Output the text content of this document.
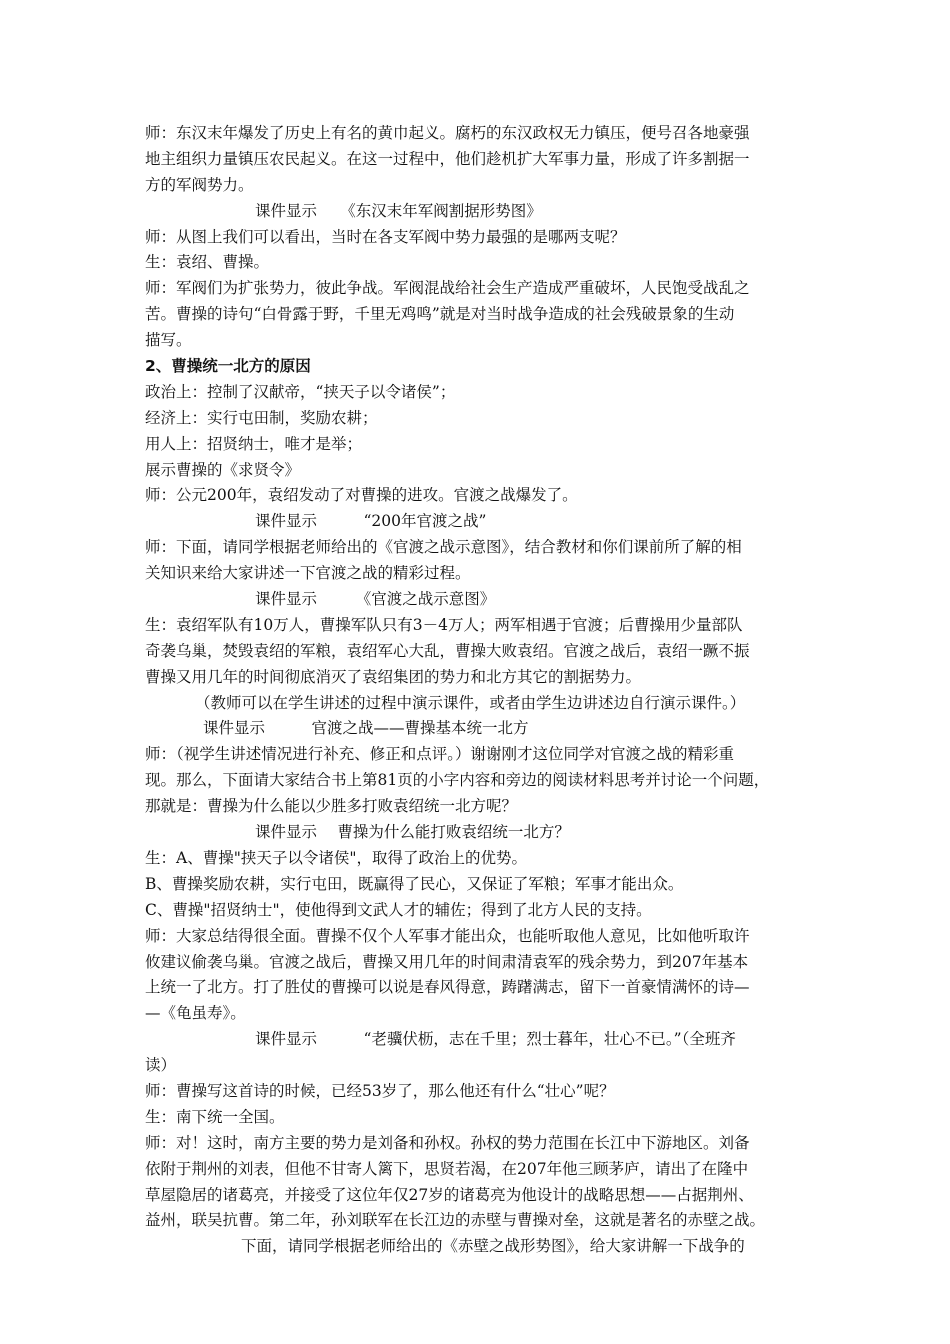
师：东汉末年爆发了历史上有名的黄巾起义。腐朽的东汉政权无力镇压，便号召各地豪强
地主组织力量镇压农民起义。在这一过程中，他们趁机扩大军事力量，形成了许多割据一
方的军阀势力。
课件显示　　《东汉末年军阀割据形势图》
师：从图上我们可以看出，当时在各支军阀中势力最强的是哪两支呢？
生：袁绍、曹操。
师：军阀们为扩张势力，彼此争战。军阀混战给社会生产造成严重破坏，人民饱受战乱之
苦。曹操的诗句“白骨露于野，千里无鸡鸣”就是对当时战争造成的社会残破景象的生动
描写。
2、曹操统一北方的原因
政治上：控制了汉献帝，“挟天子以令诸侯”；
经济上：实行屯田制，奖励农耕；
用人上：招贤纳士，唯才是举；
展示曹操的《求贤令》
师：公元200年，袁绍发动了对曹操的进攻。官渡之战爆发了。
课件显示　　　“200年官渡之战”
师：下面，请同学根据老师给出的《官渡之战示意图》，结合教材和你们课前所了解的相
关知识来给大家讲述一下官渡之战的精彩过程。
课件显示　　　《官渡之战示意图》
生：袁绍军队有10万人，曹操军队只有3－4万人；两军相遇于官渡；后曹操用少量部队
奇袭乌巢，焚毁袁绍的军粮，袁绍军心大乱，曹操大败袁绍。官渡之战后，袁绍一蹶不振
曹操又用几年的时间彻底消灭了袁绍集团的势力和北方其它的割据势力。
（教师可以在学生讲述的过程中演示课件，或者由学生边讲述边自行演示课件。）
课件显示　　　官渡之战——曹操基本统一北方
师：（视学生讲述情况进行补充、修正和点评。）谢谢刚才这位同学对官渡之战的精彩重
现。那么，下面请大家结合书上第81页的小字内容和旁边的阅读材料思考并讨论一个问题，
那就是：曹操为什么能以少胜多打败袁绍统一北方呢？
课件显示　 曹操为什么能打败袁绍统一北方？
生：A、曹操"挟天子以令诸侯"，取得了政治上的优势。
B、曹操奖励农耕，实行屯田，既赢得了民心，又保证了军粮；军事才能出众。
C、曹操"招贤纳士"，使他得到文武人才的辅佐；得到了北方人民的支持。
师：大家总结得很全面。曹操不仅个人军事才能出众，也能听取他人意见，比如他听取许
攸建议偷袭乌巢。官渡之战后，曹操又用几年的时间肃清袁军的残余势力，到207年基本
上统一了北方。打了胜仗的曹操可以说是春风得意，踌躇满志，留下一首豪情满怀的诗—
—《龟虽寿》。
课件显示　　　“老骥伏枥，志在千里；烈士暮年，壮心不已。”（全班齐
读）
师：曹操写这首诗的时候，已经53岁了，那么他还有什么“壮心”呢？
生：南下统一全国。
师：对！这时，南方主要的势力是刘备和孙权。孙权的势力范围在长江中下游地区。刘备
依附于荆州的刘表，但他不甘寄人篱下，思贤若渴，在207年他三顾茅庐，请出了在隆中
草屋隐居的诸葛亮，并接受了这位年仅27岁的诸葛亮为他设计的战略思想——占据荆州、
益州，联吴抗曹。第二年，孙刘联军在长江边的赤壁与曹操对垒，这就是著名的赤壁之战。
下面，请同学根据老师给出的《赤壁之战形势图》，给大家讲解一下战争的
